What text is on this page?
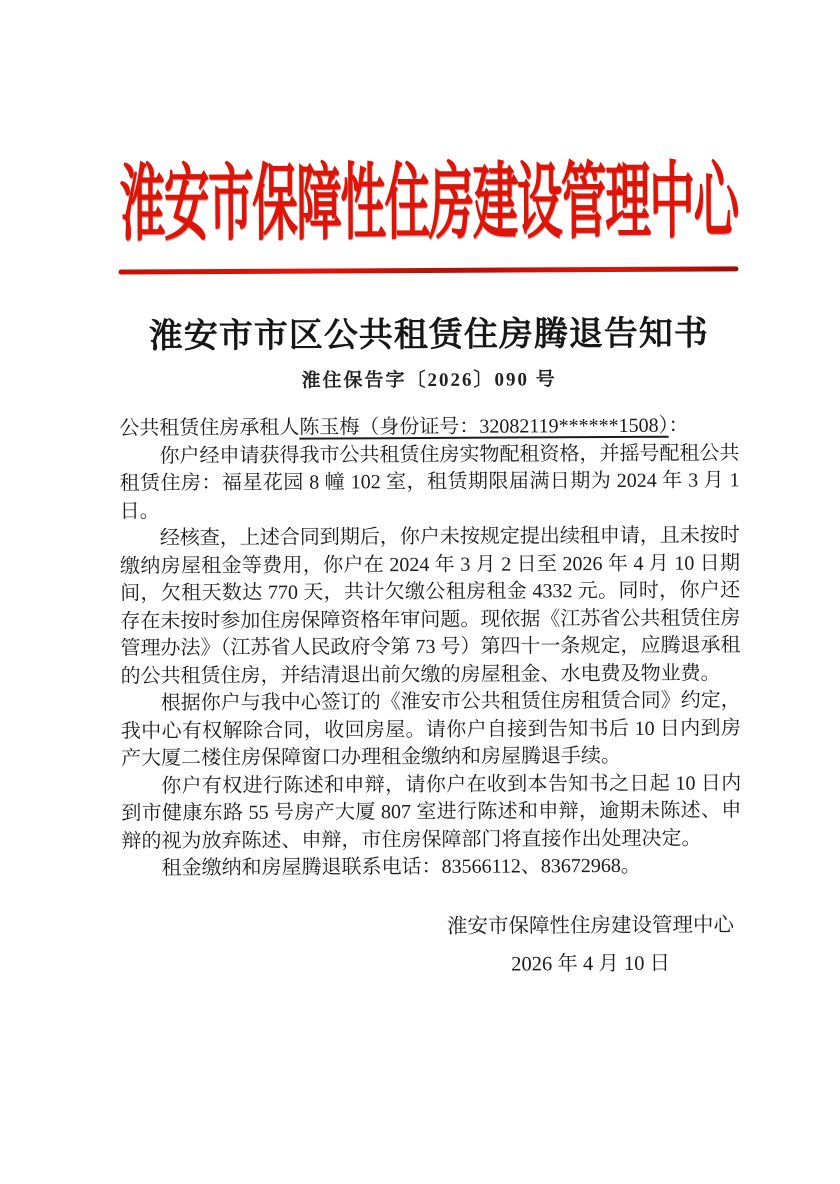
淮安市保障性住房建设管理中心
淮安市市区公共租赁住房腾退告知书
淮住保告字〔2026〕090 号

公共租赁住房承租人陈玉梅（身份证号：32082119******1508）：

你户经申请获得我市公共租赁住房实物配租资格，并摇号配租公共租赁住房：福星花园 8 幢 102 室，租赁期限届满日期为 2024 年 3 月 1 日。

经核查，上述合同到期后，你户未按规定提出续租申请，且未按时缴纳房屋租金等费用，你户在 2024 年 3 月 2 日至 2026 年 4 月 10 日期间，欠租天数达 770 天，共计欠缴公租房租金 4332 元。同时，你户还存在未按时参加住房保障资格年审问题。现依据《江苏省公共租赁住房管理办法》（江苏省人民政府令第 73 号）第四十一条规定，应腾退承租的公共租赁住房，并结清退出前欠缴的房屋租金、水电费及物业费。

根据你户与我中心签订的《淮安市公共租赁住房租赁合同》约定，我中心有权解除合同，收回房屋。请你户自接到告知书后 10 日内到房产大厦二楼住房保障窗口办理租金缴纳和房屋腾退手续。

你户有权进行陈述和申辩，请你户在收到本告知书之日起 10 日内到市健康东路 55 号房产大厦 807 室进行陈述和申辩，逾期未陈述、申辩的视为放弃陈述、申辩，市住房保障部门将直接作出处理决定。

租金缴纳和房屋腾退联系电话：83566112、83672968。

淮安市保障性住房建设管理中心
2026 年 4 月 10 日
